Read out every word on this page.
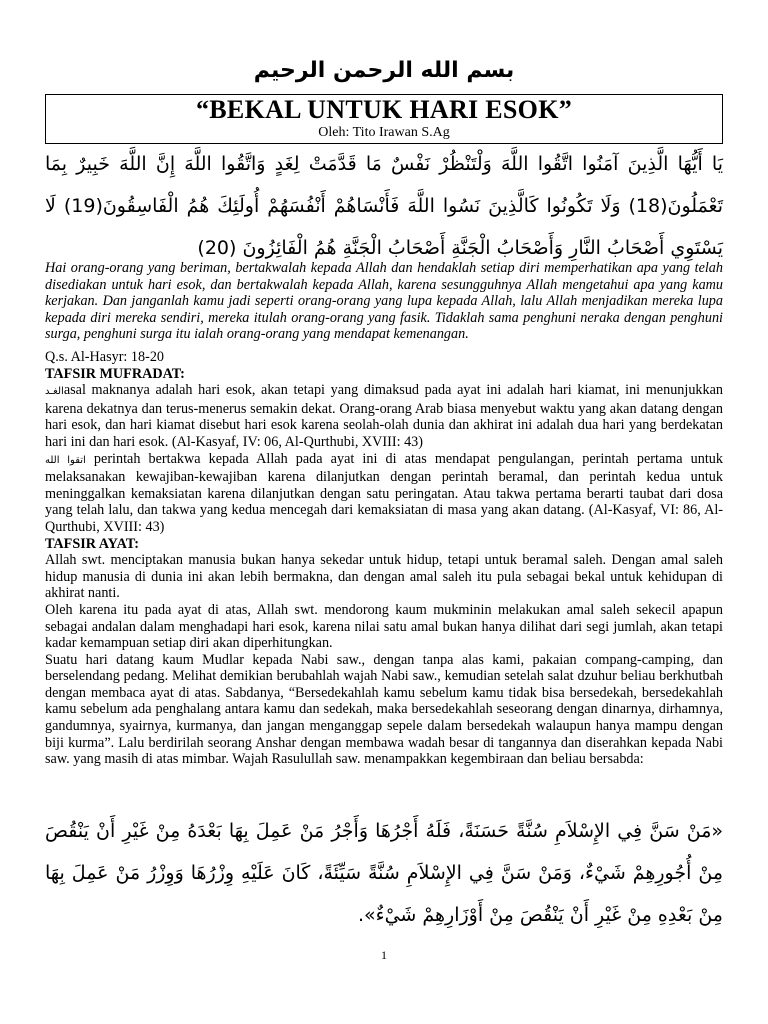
بسم الله الرحمن الرحيم
“BEKAL UNTUK HARI ESOK”
Oleh: Tito Irawan S.Ag
يَا أَيُّهَا الَّذِينَ آمَنُوا اتَّقُوا اللَّهَ وَلْتَنْظُرْ نَفْسٌ مَا قَدَّمَتْ لِغَدٍ وَاتَّقُوا اللَّهَ إِنَّ اللَّهَ خَبِيرٌ بِمَا تَعْمَلُونَ(18) وَلَا تَكُونُوا كَالَّذِينَ نَسُوا اللَّهَ فَأَنْسَاهُمْ أَنْفُسَهُمْ أُولَئِكَ هُمُ الْفَاسِقُونَ(19) لَا يَسْتَوِي أَصْحَابُ النَّارِ وَأَصْحَابُ الْجَنَّةِ أَصْحَابُ الْجَنَّةِ هُمُ الْفَائِزُونَ (20)
Hai orang-orang yang beriman, bertakwalah kepada Allah dan hendaklah setiap diri memperhatikan apa yang telah disediakan untuk hari esok, dan bertakwalah kepada Allah, karena sesungguhnya Allah mengetahui apa yang kamu kerjakan. Dan janganlah kamu jadi seperti orang-orang yang lupa kepada Allah, lalu Allah menjadikan mereka lupa kepada diri mereka sendiri, mereka itulah orang-orang yang fasik. Tidaklah sama penghuni neraka dengan penghuni surga, penghuni surga itu ialah orang-orang yang mendapat kemenangan.

Q.s. Al-Hasyr: 18-20

TAFSIR MUFRADAT:

الغـدasal maknanya adalah hari esok, akan tetapi yang dimaksud pada ayat ini adalah hari kiamat, ini menunjukkan karena dekatnya dan terus-menerus semakin dekat. Orang-orang Arab biasa menyebut waktu yang akan datang dengan hari esok, dan hari kiamat disebut hari esok karena seolah-olah dunia dan akhirat ini adalah dua hari yang berdekatan hari ini dan hari esok. (Al-Kasyaf, IV: 06, Al-Qurthubi, XVIII: 43)

اتقوا الله perintah bertakwa kepada Allah pada ayat ini di atas mendapat pengulangan, perintah pertama untuk melaksanakan kewajiban-kewajiban karena dilanjutkan dengan perintah beramal, dan perintah kedua untuk meninggalkan kemaksiatan karena dilanjutkan dengan satu peringatan. Atau takwa pertama berarti taubat dari dosa yang telah lalu, dan takwa yang kedua mencegah dari kemaksiatan di masa yang akan datang. (Al-Kasyaf, VI: 86, Al-Qurthubi, XVIII: 43)

TAFSIR AYAT:

Allah swt. menciptakan manusia bukan hanya sekedar untuk hidup, tetapi untuk beramal saleh. Dengan amal saleh hidup manusia di dunia ini akan lebih bermakna, dan dengan amal saleh itu pula sebagai bekal untuk kehidupan di akhirat nanti.

Oleh karena itu pada ayat di atas, Allah swt. mendorong kaum mukminin melakukan amal saleh sekecil apapun sebagai andalan dalam menghadapi hari esok, karena nilai satu amal bukan hanya dilihat dari segi jumlah, akan tetapi kadar kemampuan setiap diri akan diperhitungkan.

Suatu hari datang kaum Mudlar kepada Nabi saw., dengan tanpa alas kami, pakaian compang-camping, dan berselendang pedang. Melihat demikian berubahlah wajah Nabi saw., kemudian setelah salat dzuhur beliau berkhutbah dengan membaca ayat di atas. Sabdanya, “Bersedekahlah kamu sebelum kamu tidak bisa bersedekah, bersedekahlah kamu sebelum ada penghalang antara kamu dan sedekah, maka bersedekahlah seseorang dengan dinarnya, dirhamnya, gandumnya, syairnya, kurmanya, dan jangan menganggap sepele dalam bersedekah walaupun hanya mampu dengan biji kurma”. Lalu berdirilah seorang Anshar dengan membawa wadah besar di tangannya dan diserahkan kepada Nabi saw. yang masih di atas mimbar. Wajah Rasulullah saw. menampakkan kegembiraan dan beliau bersabda:

«مَنْ سَنَّ فِي الإِسْلاَمِ سُنَّةً حَسَنَةً، فَلَهُ أَجْرُهَا وَأَجْرُ مَنْ عَمِلَ بِهَا بَعْدَهُ مِنْ غَيْرِ أَنْ يَنْقُصَ مِنْ أُجُورِهِمْ شَيْءٌ، وَمَنْ سَنَّ فِي الإِسْلاَمِ سُنَّةً سَيِّئَةً، كَانَ عَلَيْهِ وِزْرُهَا وَوِزْرُ مَنْ عَمِلَ بِهَا مِنْ بَعْدِهِ مِنْ غَيْرِ أَنْ يَنْقُصَ مِنْ أَوْزَارِهِمْ شَيْءٌ».
1
